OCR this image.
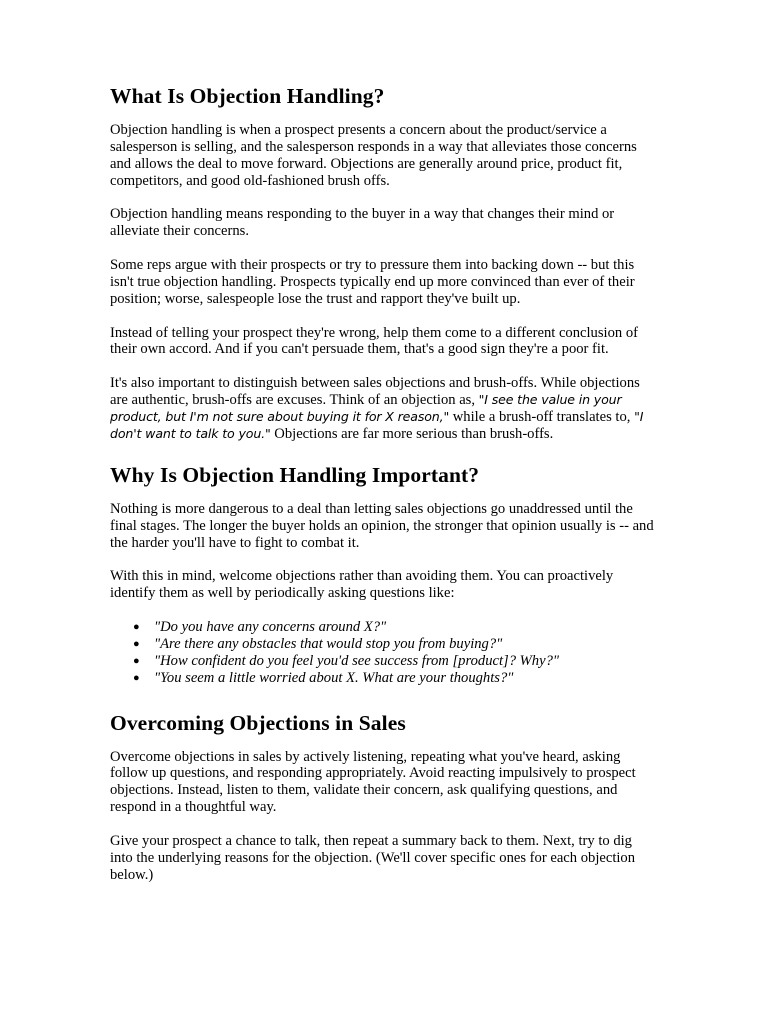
What Is Objection Handling?

Objection handling is when a prospect presents a concern about the product/service a salesperson is selling, and the salesperson responds in a way that alleviates those concerns and allows the deal to move forward. Objections are generally around price, product fit, competitors, and good old-fashioned brush offs.

Objection handling means responding to the buyer in a way that changes their mind or alleviate their concerns.

Some reps argue with their prospects or try to pressure them into backing down -- but this isn't true objection handling. Prospects typically end up more convinced than ever of their position; worse, salespeople lose the trust and rapport they've built up.

Instead of telling your prospect they're wrong, help them come to a different conclusion of their own accord. And if you can't persuade them, that's a good sign they're a poor fit.

It's also important to distinguish between sales objections and brush-offs. While objections are authentic, brush-offs are excuses. Think of an objection as, "I see the value in your product, but I'm not sure about buying it for X reason," while a brush-off translates to, "I don't want to talk to you." Objections are far more serious than brush-offs.

Why Is Objection Handling Important?

Nothing is more dangerous to a deal than letting sales objections go unaddressed until the final stages. The longer the buyer holds an opinion, the stronger that opinion usually is -- and the harder you'll have to fight to combat it.

With this in mind, welcome objections rather than avoiding them. You can proactively identify them as well by periodically asking questions like:

● "Do you have any concerns around X?"
● "Are there any obstacles that would stop you from buying?"
● "How confident do you feel you'd see success from [product]? Why?"
● "You seem a little worried about X. What are your thoughts?"
Overcoming Objections in Sales

Overcome objections in sales by actively listening, repeating what you've heard, asking follow up questions, and responding appropriately. Avoid reacting impulsively to prospect objections. Instead, listen to them, validate their concern, ask qualifying questions, and respond in a thoughtful way.

Give your prospect a chance to talk, then repeat a summary back to them. Next, try to dig into the underlying reasons for the objection. (We'll cover specific ones for each objection below.)
